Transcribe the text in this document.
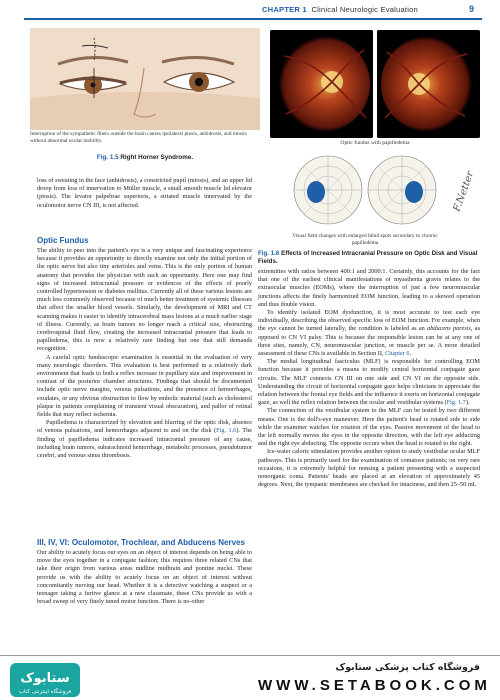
CHAPTER 1 Clinical Neurologic Evaluation	9
Interruption of the sympathetic fibers outside the brain causes ipsilateral ptosis, anhidrosis, and miosis without abnormal ocular mobility.
Fig. 1.5 Right Horner Syndrome.
Optic fundus with papilledema
F.Netter
Visual field changes with enlarged blind spots secondary to chronic papilledema
Fig. 1.6 Effects of Increased Intracranial Pressure on Optic Disk and Visual Fields.

loss of sweating in the face (anhidrosis), a constricted pupil (miosis), and an upper lid droop from loss of innervation to Müller muscle, a small smooth muscle lid elevator (ptosis). The levator palpebrae superioris, a striated muscle innervated by the oculomotor nerve CN III, is not affected.

Optic Fundus

The ability to peer into the patient's eye is a very unique and fascinating experience because it provides an opportunity to directly examine not only the initial portion of the optic nerve but also tiny arterioles and veins. This is the only portion of human anatomy that provides the physician with such an opportunity. Here one may find signs of increased intracranial pressure or evidences of the effects of poorly controlled hypertension or diabetes mellitus. Currently all of these various lesions are much less commonly observed because of much better treatment of systemic illnesses that affect the smaller blood vessels. Similarly, the development of MRI and CT scanning makes it easier to identify intracerebral mass lesions at a much earlier stage of illness. Currently, as brain tumors no longer reach a critical size, obstructing cerebrospinal fluid flow, creating the increased intracranial pressure that leads to papilledema, this is now a relatively rare finding but one that still demands recognition.

A careful optic funduscopic examination is essential in the evaluation of very many neurologic disorders. This evaluation is best performed in a relatively dark environment that leads to both a reflex increase in pupillary size and improvement in contrast of the posterior chamber structures. Findings that should be documented include optic nerve margins, venous pulsations, and the presence of hemorrhages, exudates, or any obvious obstruction to flow by embolic material (such as cholesterol plaque in patients complaining of transient visual obscuration), and pallor of retinal fields that may reflect ischemia.

Papilledema is characterized by elevation and blurring of the optic disk, absence of venous pulsations, and hemorrhages adjacent to and on the disk (Fig. 1.6). The finding of papilledema indicates increased intracranial pressure of any cause, including brain tumors, subarachnoid hemorrhage, metabolic processes, pseudotumor cerebri, and venous sinus thrombosis.

III, IV, VI: Oculomotor, Trochlear, and Abducens Nerves

Our ability to acutely focus our eyes on an object of interest depends on being able to move the eyes together in a conjugate fashion; this requires three related CNs that take their origin from various areas midline midbrain and pontine nuclei. These provide us with the ability to acutely focus on an object of interest without concomitantly moving our head. Whether it is a detective watching a suspect or a teenager taking a furtive glance at a new classmate, these CNs provide us with a broad sweep of very finely tuned motor function. There is no-other

extremities with ratios between 400:1 and 2000:1. Certainly, this accounts for the fact that one of the earliest clinical manifestations of myasthenia gravis relates to the extraocular muscles (EOMs), where the interruption of just a few neuromuscular junctions affects the finely harmonized EOM function, leading to a skewed operation and thus double vision.

To identify isolated EOM dysfunction, it is most accurate to test each eye individually, describing the observed specific loss of EOM function. For example, when the eye cannot be turned laterally, the condition is labeled as an abducens paresis, as opposed to CN VI palsy. This is because the responsible lesion can be at any one of three sites, namely, CN, neuromuscular junction, or muscle per se. A more detailed assessment of these CNs is available in Section II, Chapter 6.

The medial longitudinal fasciculus (MLF) is responsible for controlling EOM function because it provides a means to modify central horizontal conjugate gaze circuits. The MLF connects CN III on one side and CN VI on the opposite side. Understanding the circuit of horizontal conjugate gaze helps clinicians to appreciate the relation between the frontal eye fields and the influence it exerts on horizontal conjugate gaze, as well the reflex relation between the ocular and vestibular systems (Fig. 1.7).

The connection of the vestibular system to the MLF can be tested by two different means. One is the doll's-eye maneuver. Here the patient's head is rotated side to side while the examiner watches for rotation of the eyes. Passive movement of the head to the left normally moves the eyes in the opposite direction, with the left eye adducting and the right eye abducting. The opposite occurs when the head is rotated to the right.

Ice-water caloric stimulation provides another option to study vestibular ocular MLF pathways. This is primarily used for the examination of comatose patients; on very rare occasions, it is extremely helpful for nonsing a patient presenting with a suspected nonorganic coma. Patients' heads are placed at an elevation of approximately 45 degrees. Next, the tympanic membranes are checked for intactness, and then 25–50 mL

ستابوک
فروشگاه اینترنتی کتاب
فروشگاه کتاب پزشکی ستابوک
WWW.SETABOOK.COM
